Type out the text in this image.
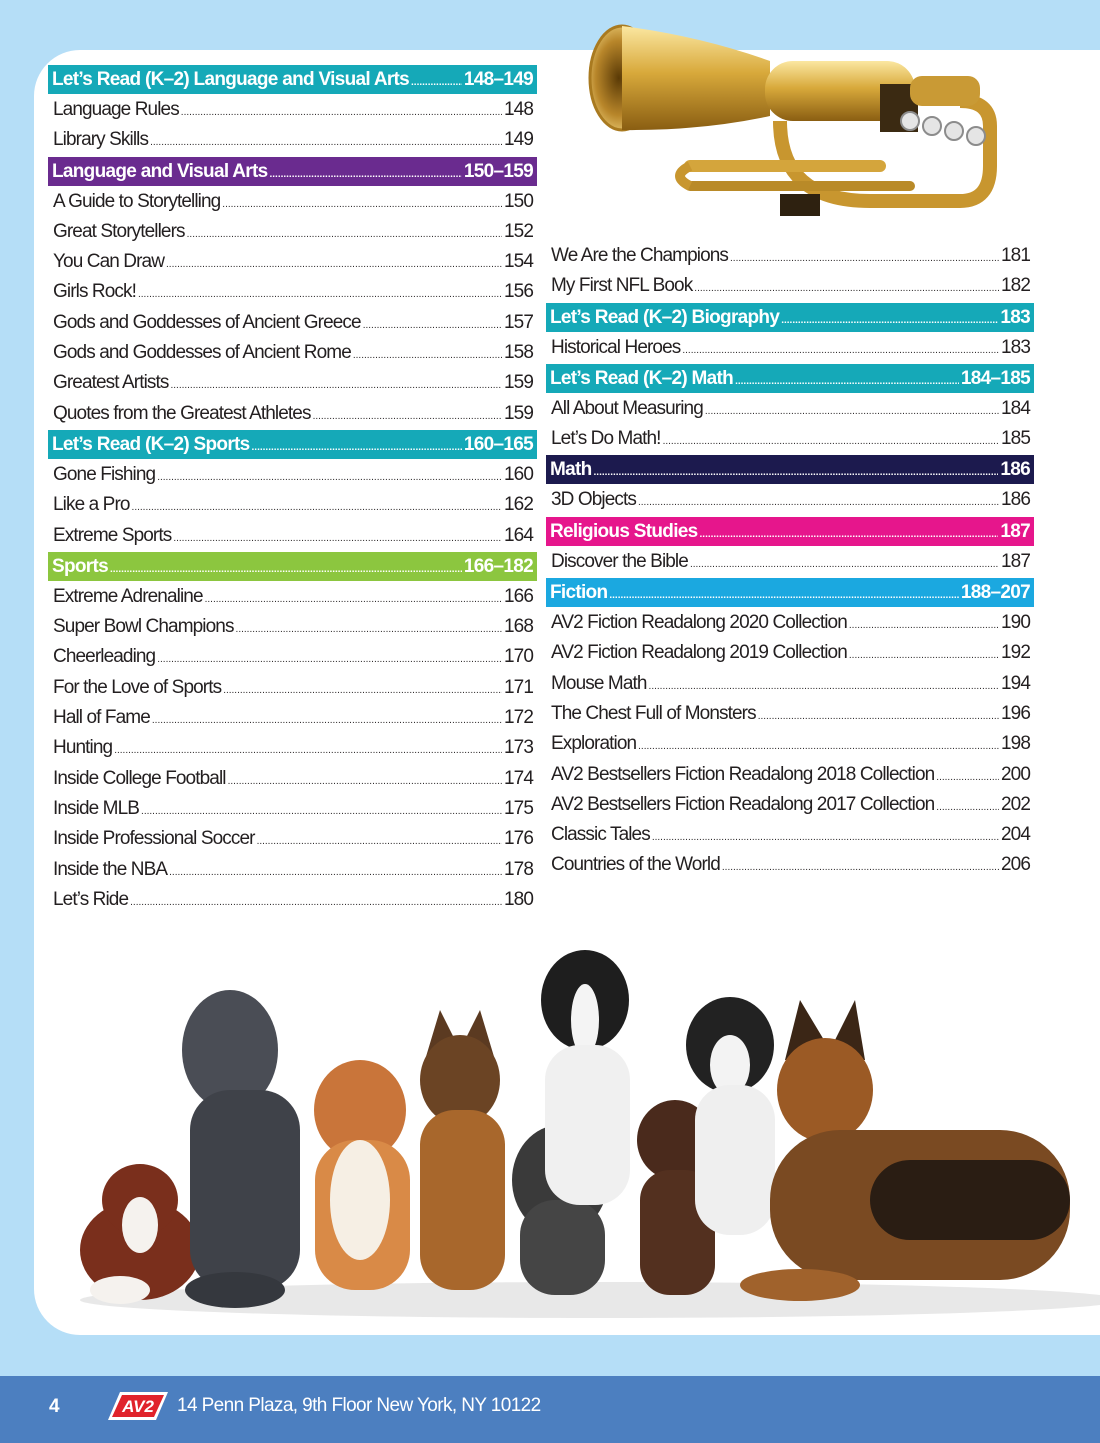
Let’s Read (K–2) Language and Visual Arts .....	148–149
Language Rules .....	148
Library Skills .....	149
Language and Visual Arts .....	150–159
A Guide to Storytelling .....	150
Great Storytellers .....	152
You Can Draw .....	154
Girls Rock! .....	156
Gods and Goddesses of Ancient Greece .....	157
Gods and Goddesses of Ancient Rome .....	158
Greatest Artists .....	159
Quotes from the Greatest Athletes .....	159
Let’s Read (K–2) Sports .....	160–165
Gone Fishing .....	160
Like a Pro .....	162
Extreme Sports .....	164
Sports .....	166–182
Extreme Adrenaline .....	166
Super Bowl Champions .....	168
Cheerleading .....	170
For the Love of Sports .....	171
Hall of Fame .....	172
Hunting .....	173
Inside College Football .....	174
Inside MLB .....	175
Inside Professional Soccer .....	176
Inside the NBA .....	178
Let’s Ride .....	180
We Are the Champions .....	181
My First NFL Book .....	182
Let’s Read (K–2) Biography .....	183
Historical Heroes .....	183
Let’s Read (K–2) Math .....	184–185
All About Measuring .....	184
Let’s Do Math! .....	185
Math .....	186
3D Objects .....	186
Religious Studies .....	187
Discover the Bible .....	187
Fiction .....	188–207
AV2 Fiction Readalong 2020 Collection .....	190
AV2 Fiction Readalong 2019 Collection .....	192
Mouse Math .....	194
The Chest Full of Monsters .....	196
Exploration .....	198
AV2 Bestsellers Fiction Readalong 2018 Collection .....	200
AV2 Bestsellers Fiction Readalong 2017 Collection .....	202
Classic Tales .....	204
Countries of the World .....	206
4	AV2 14 Penn Plaza, 9th Floor New York, NY 10122
